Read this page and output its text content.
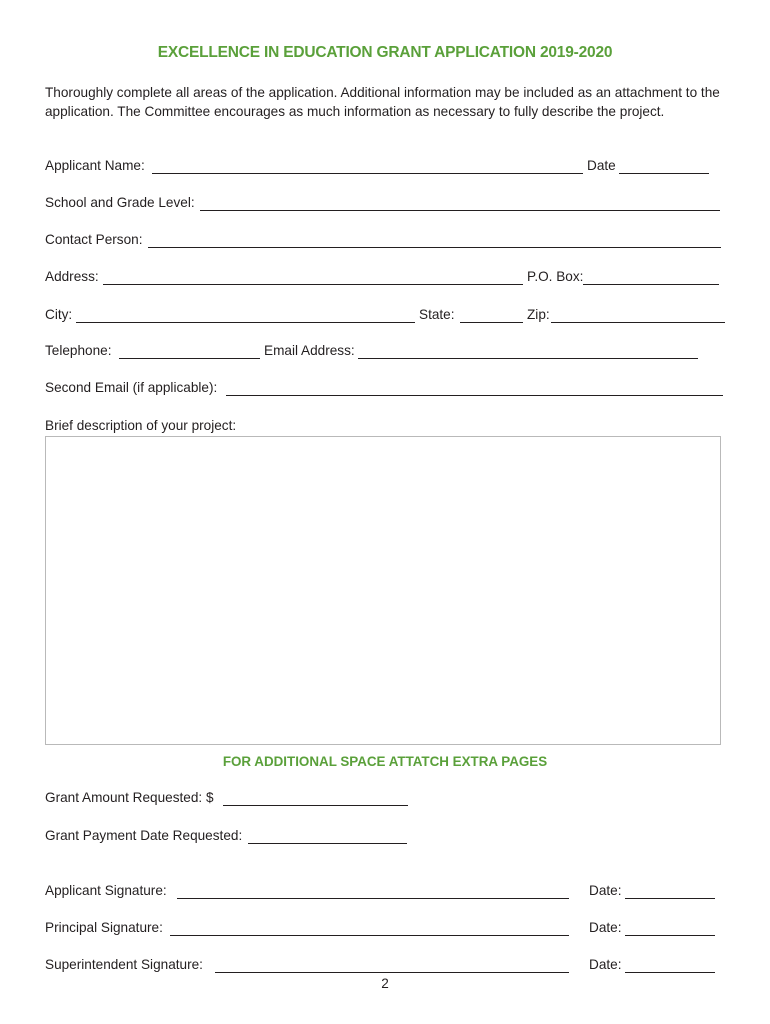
EXCELLENCE IN EDUCATION GRANT APPLICATION 2019-2020
Thoroughly complete all areas of the application. Additional information may be included as an attachment to the application. The Committee encourages as much information as necessary to fully describe the project.
Applicant Name:	Date
School and Grade Level:
Contact Person:
Address:	P.O. Box:
City:	State:	Zip:
Telephone:	Email Address:
Second Email (if applicable):
Brief description of your project:
FOR ADDITIONAL SPACE ATTATCH EXTRA PAGES
Grant Amount Requested: $
Grant Payment Date Requested:
Applicant Signature:	Date:
Principal Signature:	Date:
Superintendent Signature:	Date:
2
